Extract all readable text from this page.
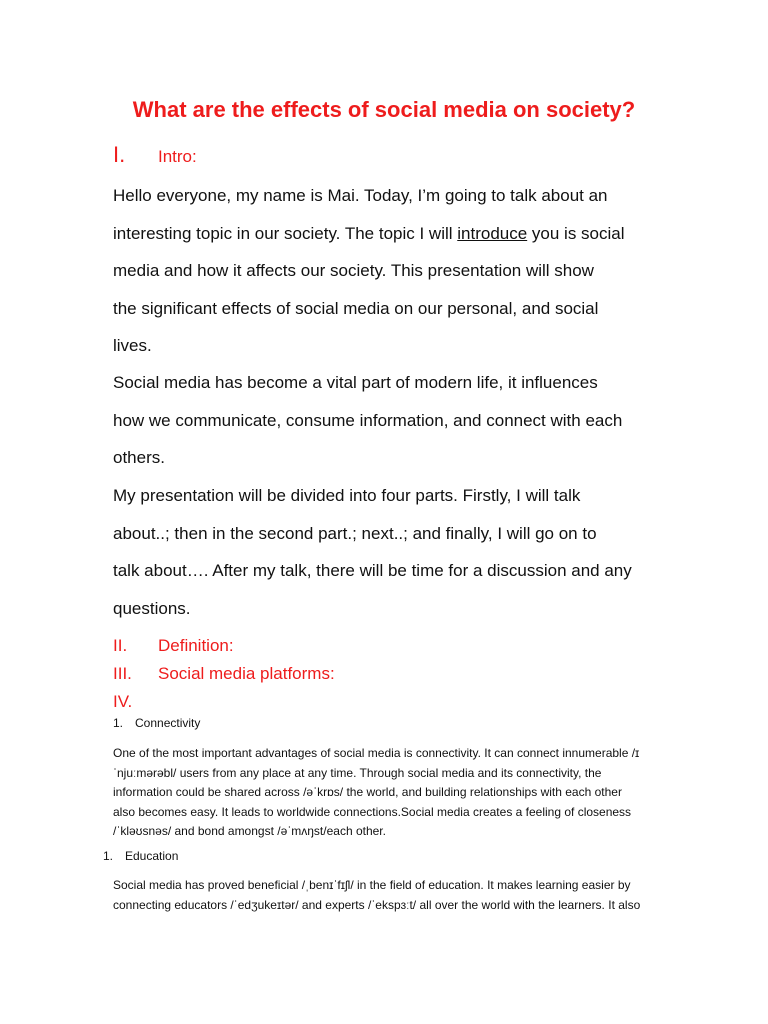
What are the effects of social media on society?
I. Intro:

Hello everyone, my name is Mai. Today, I’m going to talk about an
interesting topic in our society. The topic I will introduce you is social
media and how it affects our society. This presentation will show
the significant effects of social media on our personal, and social
lives.

Social media has become a vital part of modern life, it influences
how we communicate, consume information, and connect with each
others.

My presentation will be divided into four parts. Firstly, I will talk
about..; then in the second part.; next..; and finally, I will go on to
talk about…. After my talk, there will be time for a discussion and any
questions.

II. Definition:
III. Social media platforms:
IV.
1. Connectivity

One of the most important advantages of social media is connectivity. It can connect innumerable /ɪ
ˈnjuːmərəbl/ users from any place at any time. Through social media and its connectivity, the
information could be shared across /əˈkrɒs/ the world, and building relationships with each other
also becomes easy. It leads to worldwide connections.Social media creates a feeling of closeness
/ˈkləʊsnəs/ and bond amongst /əˈmʌŋst/each other.

1. Education

Social media has proved beneficial /ˌbenɪˈfɪʃl/ in the field of education. It makes learning easier by
connecting educators /ˈedʒukeɪtər/ and experts /ˈekspɜːt/ all over the world with the learners. It also
